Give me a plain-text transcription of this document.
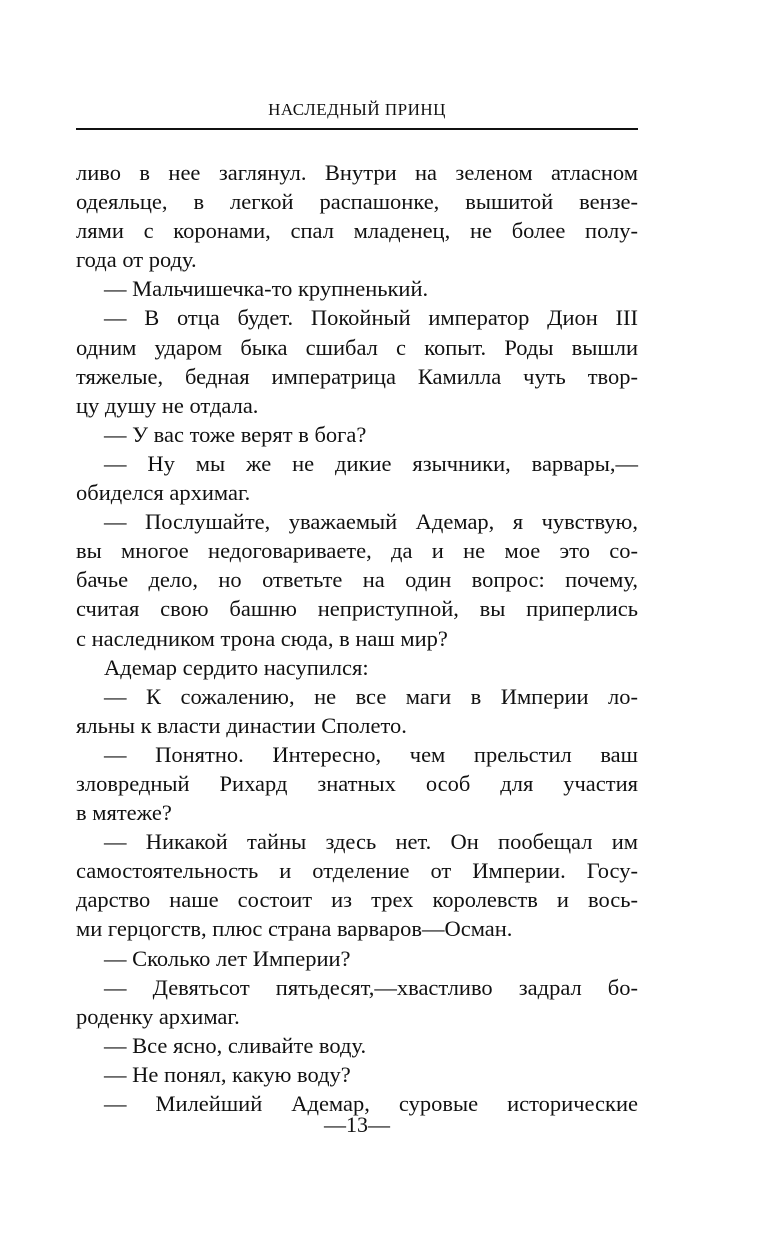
НАСЛЕДНЫЙ ПРИНЦ
ливо в нее заглянул. Внутри на зеленом атласном
одеяльце, в легкой распашонке, вышитой вензе-
лями с коронами, спал младенец, не более полу-
года от роду.
— Мальчишечка-то крупненький.
— В отца будет. Покойный император Дион III
одним ударом быка сшибал с копыт. Роды вышли
тяжелые, бедная императрица Камилла чуть твор-
цу душу не отдала.
— У вас тоже верят в бога?
— Ну мы же не дикие язычники, варвары,—
обиделся архимаг.
— Послушайте, уважаемый Адемар, я чувствую,
вы многое недоговариваете, да и не мое это со-
бачье дело, но ответьте на один вопрос: почему,
считая свою башню неприступной, вы приперлись
с наследником трона сюда, в наш мир?
Адемар сердито насупился:
— К сожалению, не все маги в Империи ло-
яльны к власти династии Сполето.
— Понятно. Интересно, чем прельстил ваш
зловредный Рихард знатных особ для участия
в мятеже?
— Никакой тайны здесь нет. Он пообещал им
самостоятельность и отделение от Империи. Госу-
дарство наше состоит из трех королевств и вось-
ми герцогств, плюс страна варваров—Осман.
— Сколько лет Империи?
— Девятьсот пятьдесят,—хвастливо задрал бо-
роденку архимаг.
— Все ясно, сливайте воду.
— Не понял, какую воду?
— Милейший Адемар, суровые исторические
—13—
